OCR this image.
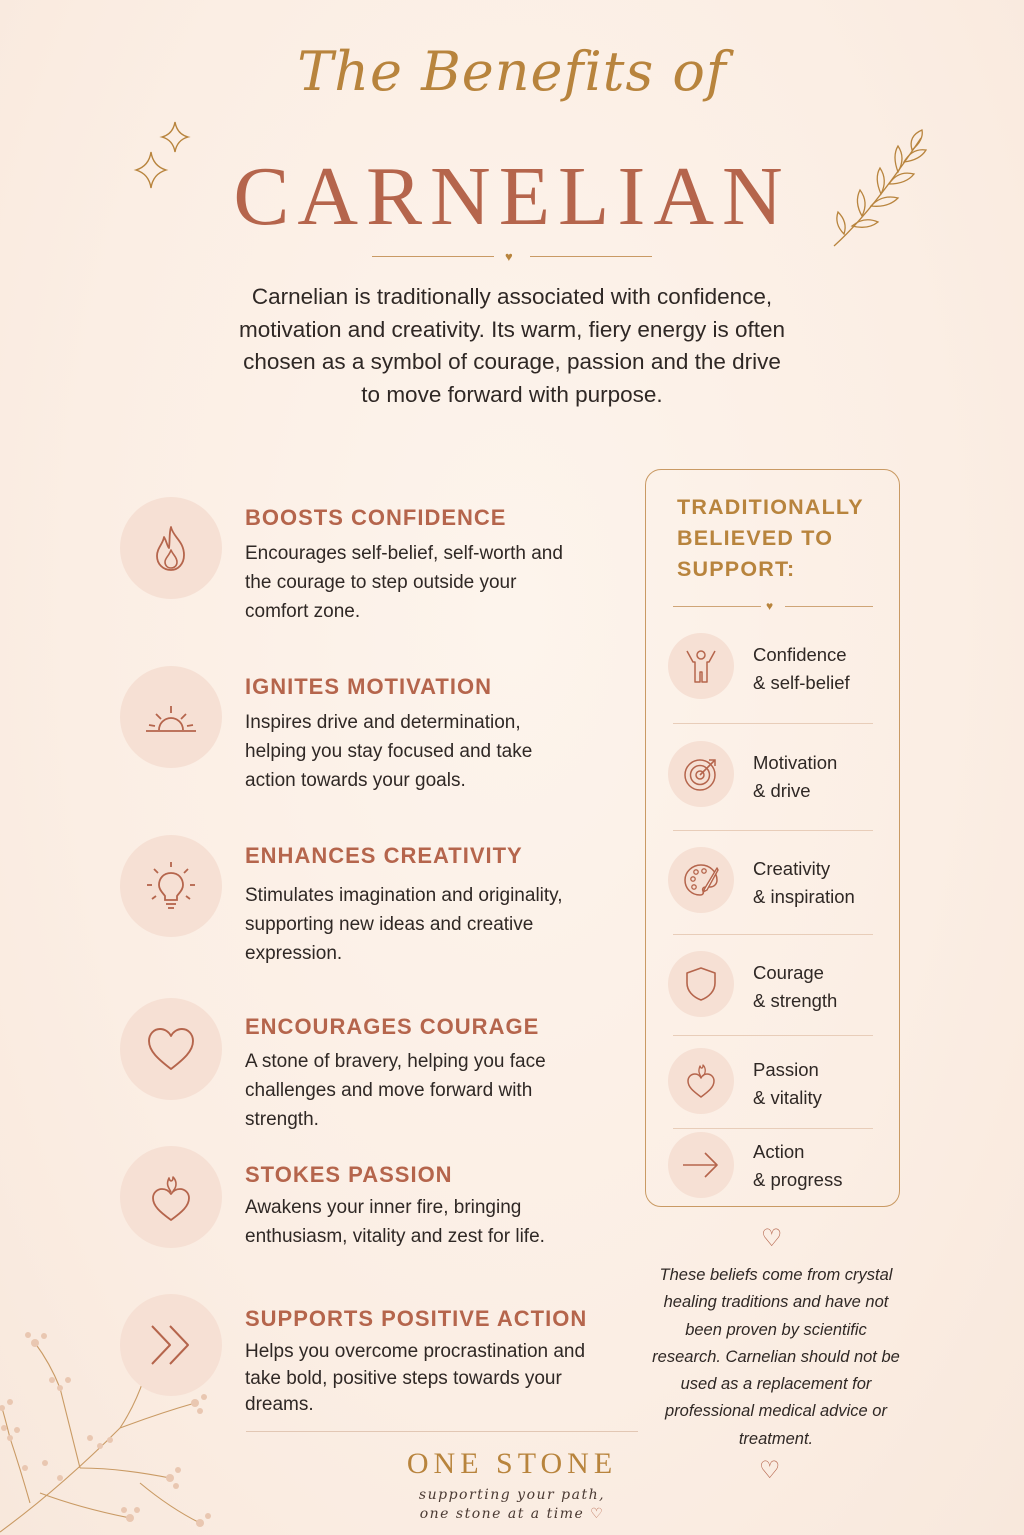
The Benefits of
CARNELIAN
♥
Carnelian is traditionally associated with confidence, motivation and creativity. Its warm, fiery energy is often chosen as a symbol of courage, passion and the drive to move forward with purpose.
BOOSTS CONFIDENCE
Encourages self-belief, self-worth and the courage to step outside your comfort zone.
IGNITES MOTIVATION
Inspires drive and determination, helping you stay focused and take action towards your goals.
ENHANCES CREATIVITY
Stimulates imagination and originality, supporting new ideas and creative expression.
ENCOURAGES COURAGE
A stone of bravery, helping you face challenges and move forward with strength.
STOKES PASSION
Awakens your inner fire, bringing enthusiasm, vitality and zest for life.
SUPPORTS POSITIVE ACTION
Helps you overcome procrastination and take bold, positive steps towards your dreams.
TRADITIONALLY
BELIEVED TO
SUPPORT:
♥
Confidence
& self-belief
Motivation
& drive
Creativity
& inspiration
Courage
& strength
Passion
& vitality
Action
& progress
♡
These beliefs come from crystal healing traditions and have not been proven by scientific research. Carnelian should not be used as a replacement for professional medical advice or treatment.
♡
ONE STONE
supporting your path,
one stone at a time ♡
